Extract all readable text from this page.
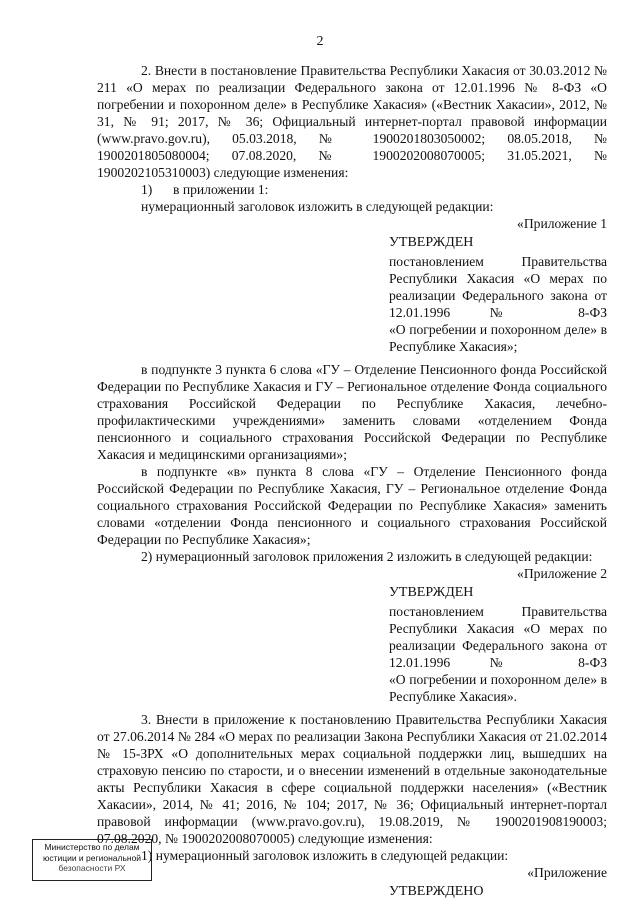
2

2. Внести в постановление Правительства Республики Хакасия от 30.03.2012 № 211 «О мерах по реализации Федерального закона от 12.01.1996 № 8-ФЗ «О погребении и похоронном деле» в Республике Хакасия» («Вестник Хакасии», 2012, № 31, № 91; 2017, № 36; Официальный интернет-портал правовой информации (www.pravo.gov.ru), 05.03.2018, № 1900201803050002; 08.05.2018, № 1900201805080004; 07.08.2020, № 1900202008070005; 31.05.2021, № 1900202105310003) следующие изменения:

1) в приложении 1:

нумерационный заголовок изложить в следующей редакции:

«Приложение 1

УТВЕРЖДЕН

постановлением Правительства Республики Хакасия «О мерах по реализации Федерального закона от 12.01.1996 № 8-ФЗ

«О погребении и похоронном деле» в Республике Хакасия»;

в подпункте 3 пункта 6 слова «ГУ – Отделение Пенсионного фонда Российской Федерации по Республике Хакасия и ГУ – Региональное отделение Фонда социального страхования Российской Федерации по Республике Хакасия, лечебно-профилактическими учреждениями» заменить словами «отделением Фонда пенсионного и социального страхования Российской Федерации по Республике Хакасия и медицинскими организациями»;

в подпункте «в» пункта 8 слова «ГУ – Отделение Пенсионного фонда Российской Федерации по Республике Хакасия, ГУ – Региональное отделение Фонда социального страхования Российской Федерации по Республике Хакасия» заменить словами «отделении Фонда пенсионного и социального страхования Российской Федерации по Республике Хакасия»;

2) нумерационный заголовок приложения 2 изложить в следующей редакции:

«Приложение 2

УТВЕРЖДЕН

постановлением Правительства Республики Хакасия «О мерах по реализации Федерального закона от 12.01.1996 № 8-ФЗ

«О погребении и похоронном деле» в Республике Хакасия».

3. Внести в приложение к постановлению Правительства Республики Хакасия от 27.06.2014 № 284 «О мерах по реализации Закона Республики Хакасия от 21.02.2014 № 15-ЗРХ «О дополнительных мерах социальной поддержки лиц, вышедших на страховую пенсию по старости, и о внесении изменений в отдельные законодательные акты Республики Хакасия в сфере социальной поддержки населения» («Вестник Хакасии», 2014, № 41; 2016, № 104; 2017, № 36; Официальный интернет-портал правовой информации (www.pravo.gov.ru), 19.08.2019, № 1900201908190003; 07.08.2020, № 1900202008070005) следующие изменения:

1) нумерационный заголовок изложить в следующей редакции:

«Приложение

УТВЕРЖДЕНО

Министерство по делам
юстиции и региональной
безопасности РХ
